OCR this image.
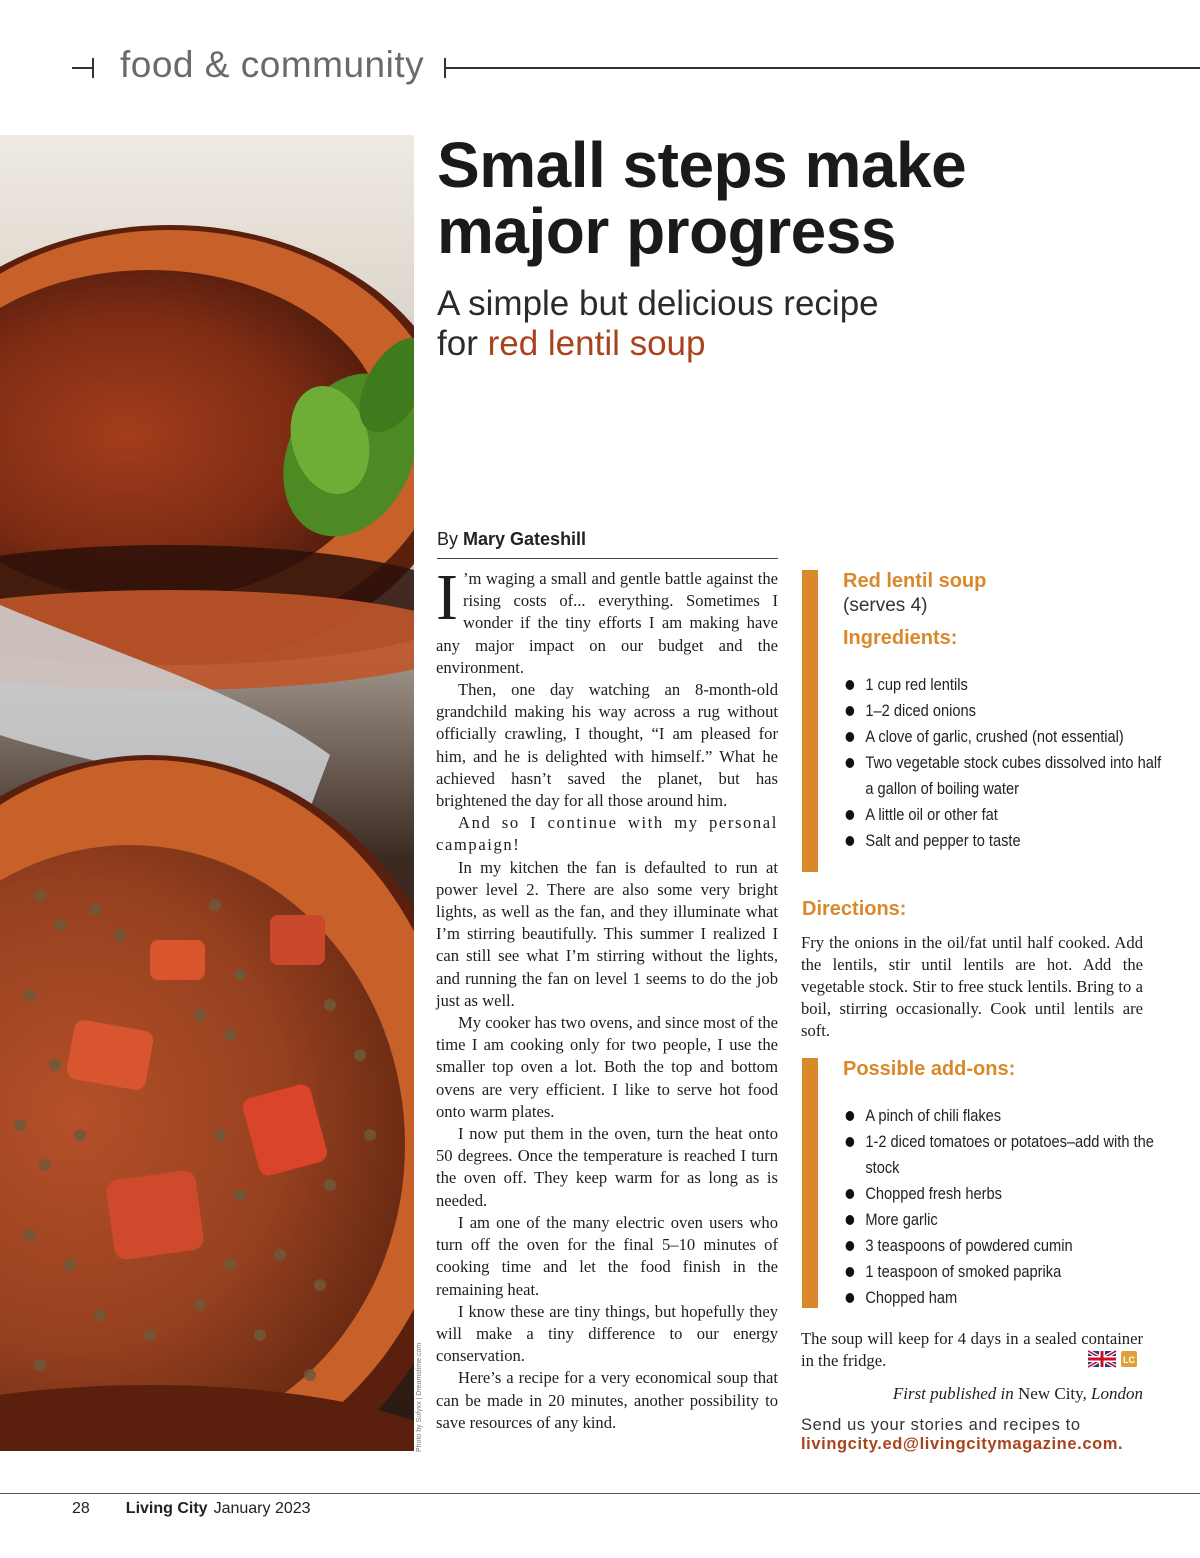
food & community
Photo by Sofyxx | Dreamstime.com
Small steps make
major progress
A simple but delicious recipe
for red lentil soup
By Mary Gateshill

I ’m waging a small and gentle battle against the rising costs of... everything. Sometimes I wonder if the tiny efforts I am making have any major impact on our budget and the environment.

Then, one day watching an 8-month-old grandchild making his way across a rug without officially crawling, I thought, “I am pleased for him, and he is delighted with himself.” What he achieved hasn’t saved the planet, but has brightened the day for all those around him.

And so I continue with my personal campaign!

In my kitchen the fan is defaulted to run at power level 2. There are also some very bright lights, as well as the fan, and they illuminate what I’m stirring beautifully. This summer I realized I can still see what I’m stirring without the lights, and running the fan on level 1 seems to do the job just as well.

My cooker has two ovens, and since most of the time I am cooking only for two people, I use the smaller top oven a lot. Both the top and bottom ovens are very efficient. I like to serve hot food onto warm plates.

I now put them in the oven, turn the heat onto 50 degrees. Once the temperature is reached I turn the oven off. They keep warm for as long as is needed.

I am one of the many electric oven users who turn off the oven for the final 5–10 minutes of cooking time and let the food finish in the remaining heat.

I know these are tiny things, but hopefully they will make a tiny difference to our energy conservation.

Here’s a recipe for a very economical soup that can be made in 20 minutes, another possibility to save resources of any kind.

Red lentil soup
(serves 4)
Ingredients:
1 cup red lentils
1–2 diced onions
A clove of garlic, crushed (not essential)
Two vegetable stock cubes dissolved into half a gallon of boiling water
A little oil or other fat
Salt and pepper to taste
Directions:
Fry the onions in the oil/fat until half cooked. Add the lentils, stir until lentils are hot. Add the vegetable stock. Stir to free stuck lentils. Bring to a boil, stirring occasionally. Cook until lentils are soft.
Possible add-ons:
A pinch of chili flakes
1-2 diced tomatoes or potatoes–add with the stock
Chopped fresh herbs
More garlic
3 teaspoons of powdered cumin
1 teaspoon of smoked paprika
Chopped ham
The soup will keep for 4 days in a sealed container in the fridge.	LC
First published in New City, London
Send us your stories and recipes to
livingcity.ed@livingcitymagazine.com.
28 Living City January 2023
